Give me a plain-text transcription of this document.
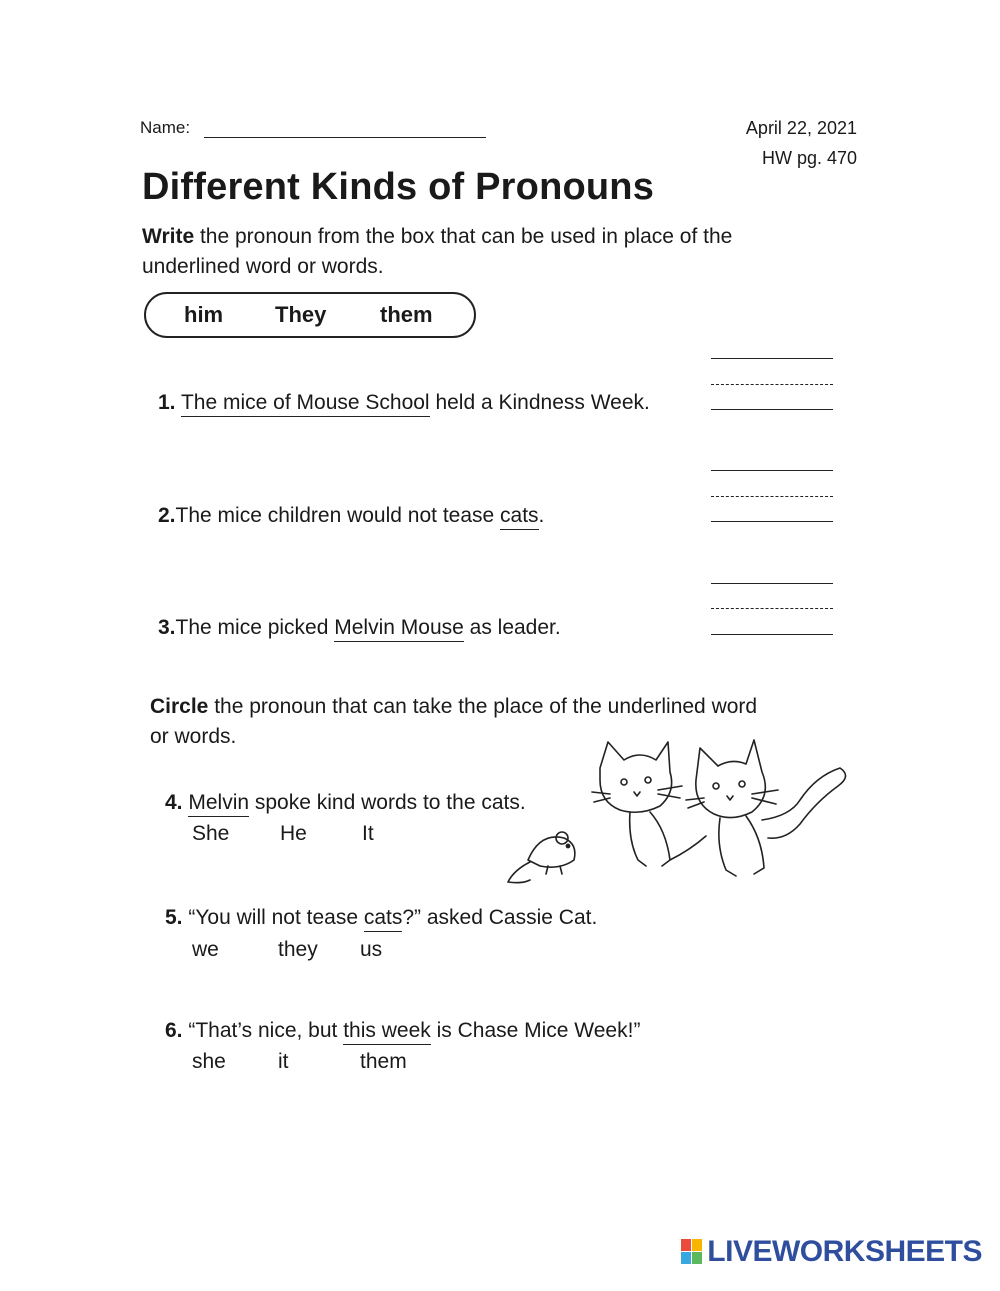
Name:	April 22, 2021
HW pg. 470
Different Kinds of Pronouns
Write the pronoun from the box that can be used in place of the
underlined word or words.
him They them
1. The mice of Mouse School held a Kindness Week.
2.The mice children would not tease cats.
3.The mice picked Melvin Mouse as leader.
Circle the pronoun that can take the place of the underlined word
or words.
4. Melvin spoke kind words to the cats.
She He	It
5. “You will not tease cats?” asked Cassie Cat.
we	they us
6. “That’s nice, but this week is Chase Mice Week!”
she it	them
LIVEWORKSHEETS
